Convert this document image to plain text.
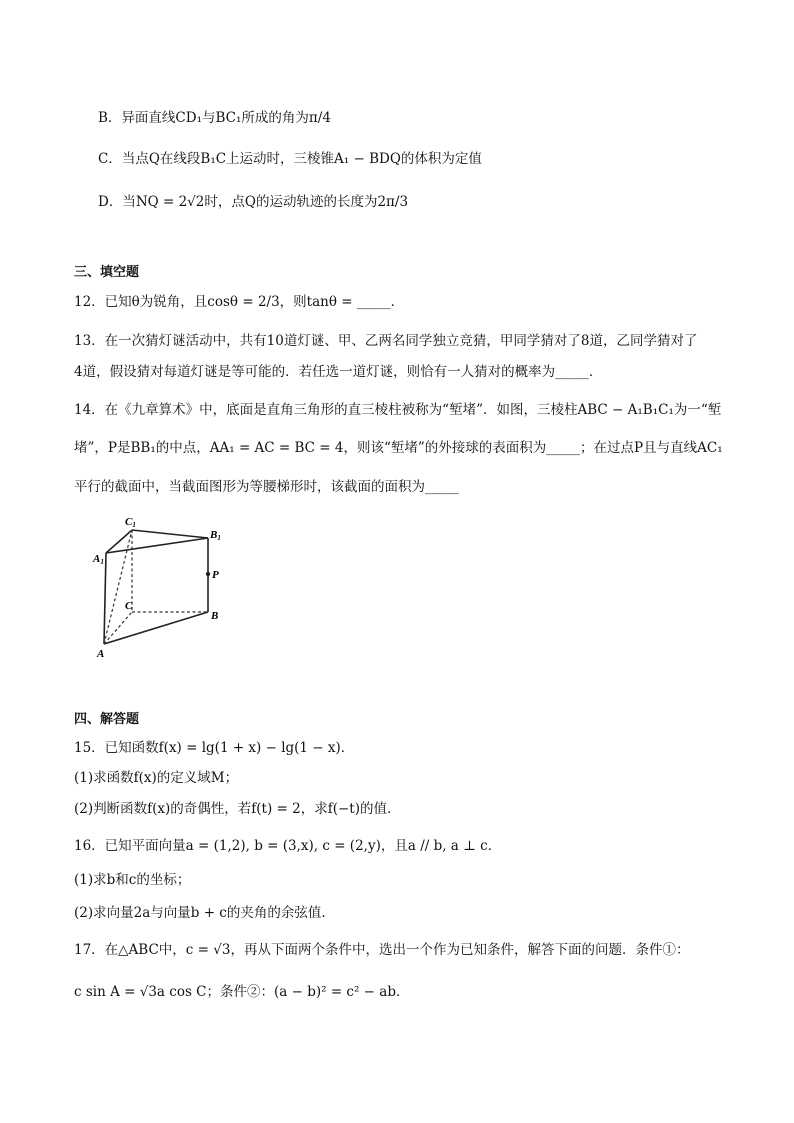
B．异面直线CD₁与BC₁所成的角为π/4
C．当点Q在线段B₁C上运动时，三棱锥A₁ − BDQ的体积为定值
D．当NQ = 2√2时，点Q的运动轨迹的长度为2π/3
三、填空题
12．已知θ为锐角，且cosθ = 2/3，则tanθ = _____．
13．在一次猜灯谜活动中，共有10道灯谜、甲、乙两名同学独立竞猜，甲同学猜对了8道，乙同学猜对了
4道，假设猜对每道灯谜是等可能的．若任选一道灯谜，则恰有一人猜对的概率为_____．
14．在《九章算术》中，底面是直角三角形的直三棱柱被称为“堑堵”．如图，三棱柱ABC − A₁B₁C₁为一“堑
堵”，P是BB₁的中点，AA₁ = AC = BC = 4，则该“堑堵”的外接球的表面积为_____；在过点P且与直线AC₁
平行的截面中，当截面图形为等腰梯形时，该截面的面积为_____
C1
B1
A1
P
C
B
A
四、解答题
15．已知函数f(x) = lg(1 + x) − lg(1 − x)．
(1)求函数f(x)的定义域M；
(2)判断函数f(x)的奇偶性，若f(t) = 2，求f(−t)的值．
16．已知平面向量a = (1,2), b = (3,x), c = (2,y)，且a // b, a ⊥ c．
(1)求b和c的坐标；
(2)求向量2a与向量b + c的夹角的余弦值．
17．在△ABC中，c = √3，再从下面两个条件中，选出一个作为已知条件，解答下面的问题．条件①：
c sin A = √3a cos C；条件②：(a − b)² = c² − ab．
